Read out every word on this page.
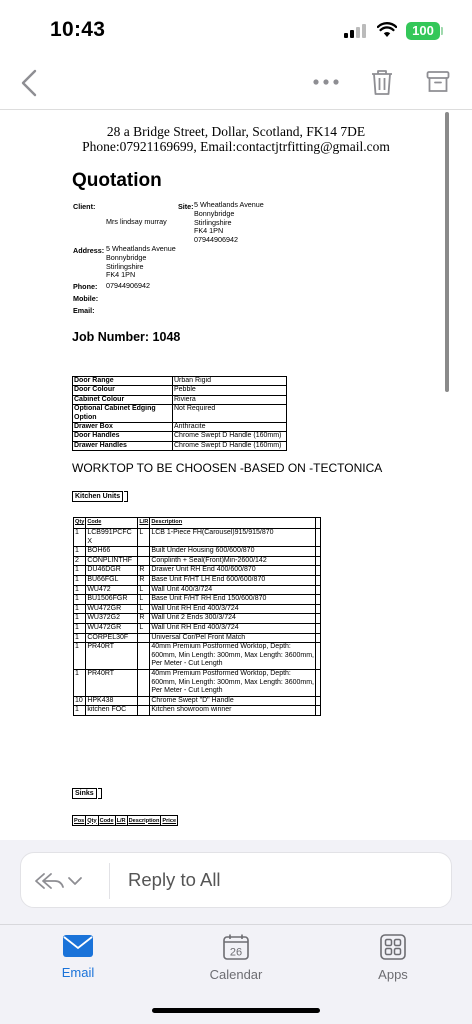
10:43	100
28 a Bridge Street, Dollar, Scotland, FK14 7DE
Phone:07921169699, Email:contactjtrfitting@gmail.com
Quotation
Client:
Mrs lindsay murray
Site: 5 Wheatlands Avenue
Bonnybridge
Stirlingshire
FK4 1PN
07944906942
Address: 5 Wheatlands Avenue
Bonnybridge
Stirlingshire
FK4 1PN
Phone: 07944906942
Mobile:
Email:
Job Number: 1048
Door Range	Urban Rigid
Door Colour	Pebble
Cabinet Colour	Riviera
Optional Cabinet Edging Option	Not Required
Drawer Box	Anthracite
Door Handles	Chrome Swept D Handle (160mm)
Drawer Handles	Chrome Swept D Handle (160mm)
WORKTOP TO BE CHOOSEN -BASED ON -TECTONICA
Kitchen Units
Qty	Code	L/R	Description	
1	LCB991PCFC X	L	LCB 1-Piece FH(Carousel)915/915/870	
1	BOH66		Built Under Housing 600/600/870	
2	CONPLINTHF		Conplinth + Seal(Front)Min-2600/142	
1	DU46DGR	R	Drawer Unit RH End 400/600/870	
1	BU66FGL	R	Base Unit F/HT LH End 600/600/870	
1	WU472	L	Wall Unit 400/3/724	
1	BU1506FGR	L	Base Unit F/HT RH End 150/600/870	
1	WU472GR	L	Wall Unit RH End 400/3/724	
1	WU372G2	R	Wall Unit 2 Ends 300/3/724	
1	WU472GR	L	Wall Unit RH End 400/3/724	
1	CORPEL30F		Universal Cor/Pel Front Match	
1	PR40RT		40mm Premium Postformed Worktop, Depth: 600mm, Min Length: 300mm, Max Length: 3600mm, Per Meter - Cut Length	
1	PR40RT		40mm Premium Postformed Worktop, Depth: 600mm, Min Length: 300mm, Max Length: 3600mm, Per Meter - Cut Length	
10	HPK438		Chrome Swept "D" Handle	
1	kitchen FOC		Kitchen showroom winner	
Sinks
Pos	Qty	Code	L/R	Description	Price
Reply to All
Email
26
Calendar	Apps
